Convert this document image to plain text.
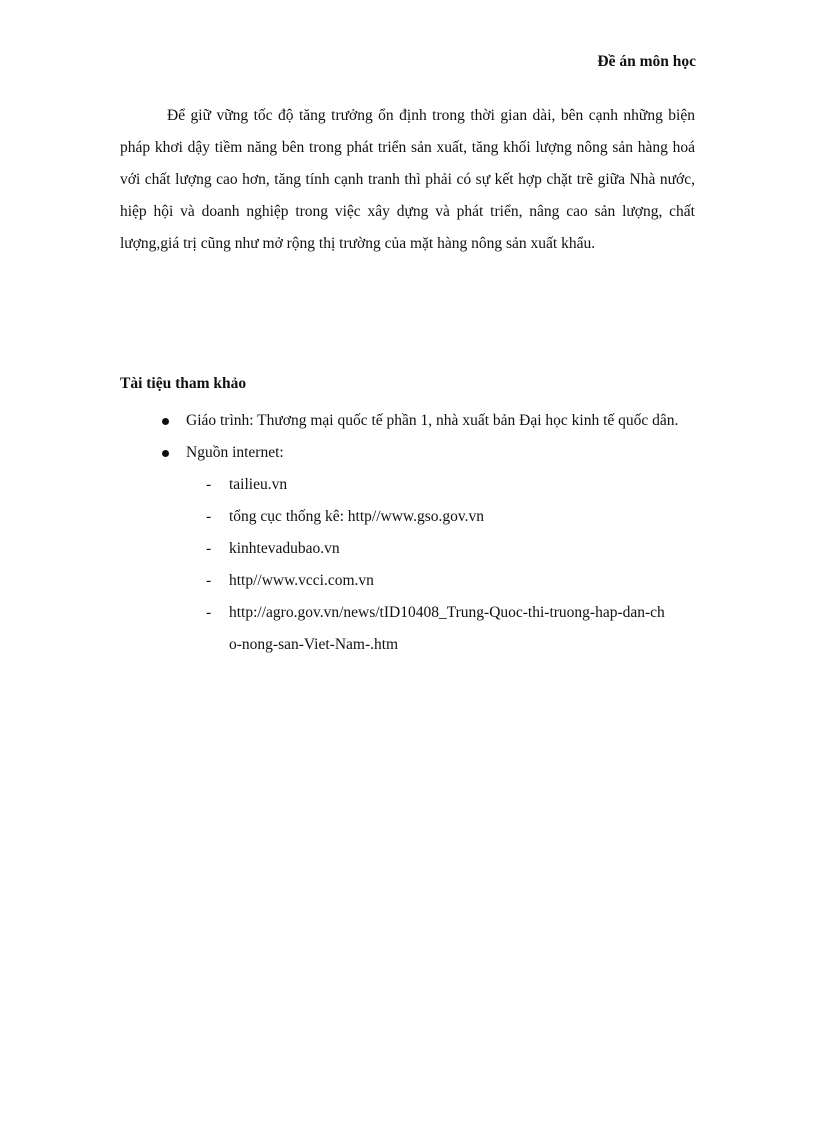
Đề án môn học

Để giữ vững tốc độ tăng trưởng ổn định trong thời gian dài, bên cạnh những biện pháp khơi dậy tiềm năng bên trong phát triển sản xuất, tăng khối lượng nông sản hàng hoá với chất lượng cao hơn, tăng tính cạnh tranh thì phải có sự kết hợp chặt trẽ giữa Nhà nước, hiệp hội và doanh nghiệp trong việc xây dựng và phát triển, nâng cao sản lượng, chất lượng,giá trị cũng như mở rộng thị trường của mặt hàng nông sản xuất khẩu.

Tài tiệu tham khảo
Giáo trình: Thương mại quốc tế phần 1, nhà xuất bản Đại học kinh tế quốc dân.
Nguồn internet:
- tailieu.vn
- tổng cục thống kê: http//www.gso.gov.vn
- kinhtevadubao.vn
- http//www.vcci.com.vn
- http://agro.gov.vn/news/tID10408_Trung-Quoc-thi-truong-hap-dan-cho-nong-san-Viet-Nam-.htm
